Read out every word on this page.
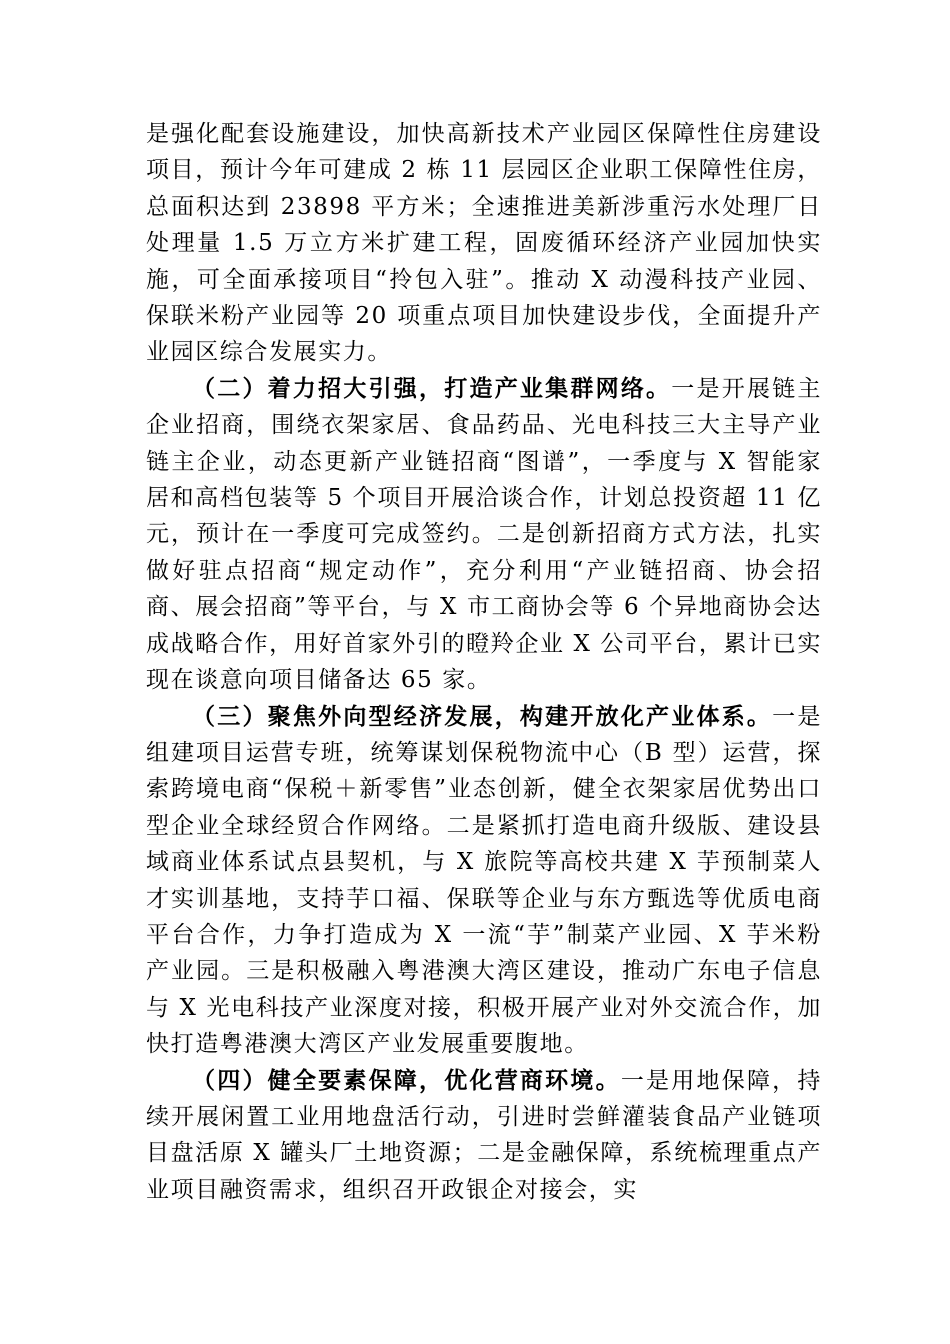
是强化配套设施建设，加快高新技术产业园区保障性住房建设项目，预计今年可建成 2 栋 11 层园区企业职工保障性住房，总面积达到 23898 平方米；全速推进美新涉重污水处理厂日处理量 1.5 万立方米扩建工程，固废循环经济产业园加快实施，可全面承接项目“拎包入驻”。推动 X 动漫科技产业园、保联米粉产业园等 20 项重点项目加快建设步伐，全面提升产业园区综合发展实力。

（二）着力招大引强，打造产业集群网络。一是开展链主企业招商，围绕衣架家居、食品药品、光电科技三大主导产业链主企业，动态更新产业链招商“图谱”，一季度与 X 智能家居和高档包装等 5 个项目开展洽谈合作，计划总投资超 11 亿元，预计在一季度可完成签约。二是创新招商方式方法，扎实做好驻点招商“规定动作”，充分利用“产业链招商、协会招商、展会招商”等平台，与 X 市工商协会等 6 个异地商协会达成战略合作，用好首家外引的瞪羚企业 X 公司平台，累计已实现在谈意向项目储备达 65 家。

（三）聚焦外向型经济发展，构建开放化产业体系。一是组建项目运营专班，统筹谋划保税物流中心（B 型）运营，探索跨境电商“保税＋新零售”业态创新，健全衣架家居优势出口型企业全球经贸合作网络。二是紧抓打造电商升级版、建设县域商业体系试点县契机，与 X 旅院等高校共建 X 芋预制菜人才实训基地，支持芋口福、保联等企业与东方甄选等优质电商平台合作，力争打造成为 X 一流“芋”制菜产业园、X 芋米粉产业园。三是积极融入粤港澳大湾区建设，推动广东电子信息与 X 光电科技产业深度对接，积极开展产业对外交流合作，加快打造粤港澳大湾区产业发展重要腹地。

（四）健全要素保障，优化营商环境。一是用地保障，持续开展闲置工业用地盘活行动，引进时尝鲜灌装食品产业链项目盘活原 X 罐头厂土地资源；二是金融保障，系统梳理重点产业项目融资需求，组织召开政银企对接会，实
